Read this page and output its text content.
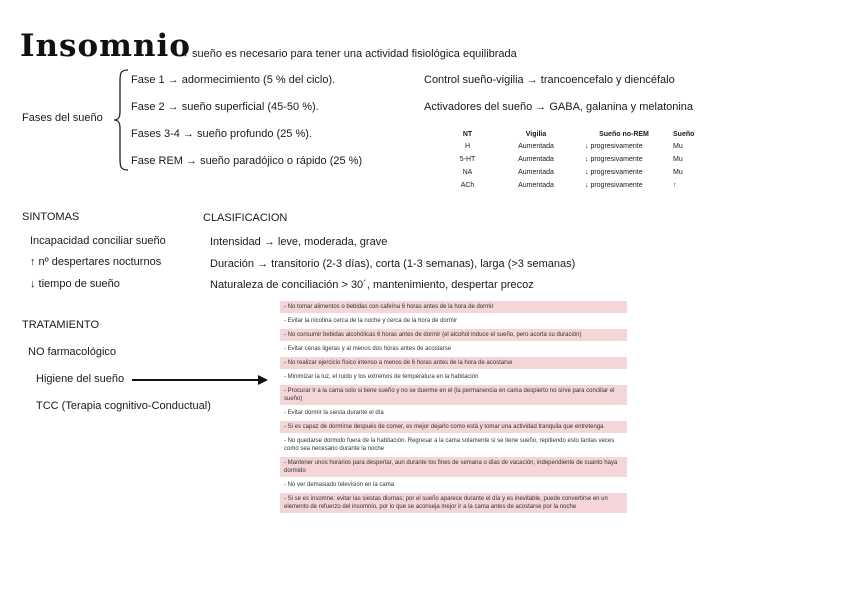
Insomnio
→ sueño es necesario para tener una actividad fisiológica equilibrada
Fases del sueño
Fase 1 → adormecimiento (5 % del ciclo).
Fase 2 → sueño superficial (45-50 %).
Fases 3-4 → sueño profundo (25 %).
Fase REM → sueño paradójico o rápido (25 %)
Control sueño-vigilia → trancoencefalo y diencéfalo
Activadores del sueño → GABA, galanina y melatonina
NT	Vigilia	Sueño no-REM	Sueño
H	Aumentada	↓ progresivamente	Mu
5-HT	Aumentada	↓ progresivamente	Mu
NA	Aumentada	↓ progresivamente	Mu
ACh	Aumentada	↓ progresivamente	↑
SINTOMAS
Incapacidad conciliar sueño
↑ nº despertares nocturnos
↓ tiempo de sueño
CLASIFICACION
Intensidad → leve, moderada, grave
Duración → transitorio (2-3 días), corta (1-3 semanas), larga (>3 semanas)
Naturaleza de conciliación > 30´, mantenimiento, despertar precoz
TRATAMIENTO
NO farmacológico
Higiene del sueño
TCC (Terapia cognitivo-Conductual)
- No tomar alimentos o bebidas con cafeína 6 horas antes de la hora de dormir
- Evitar la nicotina cerca de la noche y cerca de la hora de dormir
- No consumir bebidas alcohólicas 6 horas antes de dormir (el alcohol induce el sueño, pero acorta su duración)
- Evitar cenas ligeras y al menos dos horas antes de acostarse
- No realizar ejercicio físico intenso a menos de 6 horas antes de la hora de acostarse
- Minimizar la luz, el ruido y los extremos de temperatura en la habitación
- Procurar ir a la cama solo si tiene sueño y no se duerme en el (la permanencia en cama despierto no sirve para conciliar el sueño)
- Evitar dormir la siesta durante el día
- Si es capaz de dormirse después de comer, es mejor dejarlo como está y tomar una actividad tranquila que entretenga
- No quedarse dormido fuera de la habitación. Regresar a la cama solamente si se tiene sueño, repitiendo esto tantas veces como sea necesario durante la noche
- Mantener unos horarios para despertar, aun durante los fines de semana o días de vacación, independiente de cuanto haya dormido
- No ver demasiado televisión en la cama
- Si se es insomne: evitar las siestas diurnas; por el sueño aparece durante el día y es inevitable, puede convertirse en un elemento de refuerzo del insomnio, por lo que se aconseja mejor ir a la cama antes de acostarse por la noche
